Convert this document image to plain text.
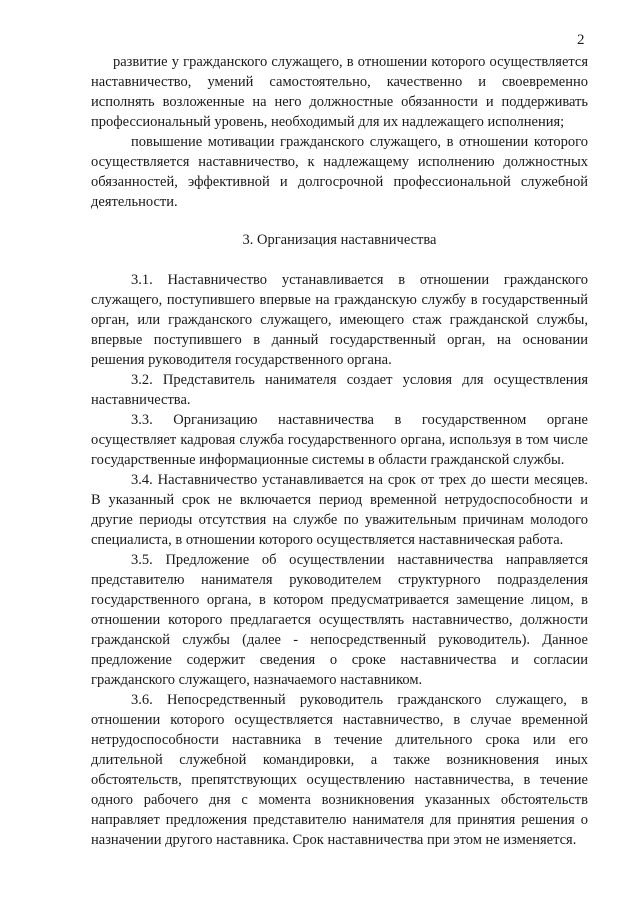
2

развитие у гражданского служащего, в отношении которого осуществляется наставничество, умений самостоятельно, качественно и своевременно исполнять возложенные на него должностные обязанности и поддерживать профессиональный уровень, необходимый для их надлежащего исполнения;

повышение мотивации гражданского служащего, в отношении которого осуществляется наставничество, к надлежащему исполнению должностных обязанностей, эффективной и долгосрочной профессиональной служебной деятельности.

3. Организация наставничества

3.1. Наставничество устанавливается в отношении гражданского служащего, поступившего впервые на гражданскую службу в государственный орган, или гражданского служащего, имеющего стаж гражданской службы, впервые поступившего в данный государственный орган, на основании решения руководителя государственного органа.

3.2. Представитель нанимателя создает условия для осуществления наставничества.

3.3. Организацию наставничества в государственном органе осуществляет кадровая служба государственного органа, используя в том числе государственные информационные системы в области гражданской службы.

3.4. Наставничество устанавливается на срок от трех до шести месяцев. В указанный срок не включается период временной нетрудоспособности и другие периоды отсутствия на службе по уважительным причинам молодого специалиста, в отношении которого осуществляется наставническая работа.

3.5. Предложение об осуществлении наставничества направляется представителю нанимателя руководителем структурного подразделения государственного органа, в котором предусматривается замещение лицом, в отношении которого предлагается осуществлять наставничество, должности гражданской службы (далее - непосредственный руководитель). Данное предложение содержит сведения о сроке наставничества и согласии гражданского служащего, назначаемого наставником.

3.6. Непосредственный руководитель гражданского служащего, в отношении которого осуществляется наставничество, в случае временной нетрудоспособности наставника в течение длительного срока или его длительной служебной командировки, а также возникновения иных обстоятельств, препятствующих осуществлению наставничества, в течение одного рабочего дня с момента возникновения указанных обстоятельств направляет предложения представителю нанимателя для принятия решения о назначении другого наставника. Срок наставничества при этом не изменяется.
